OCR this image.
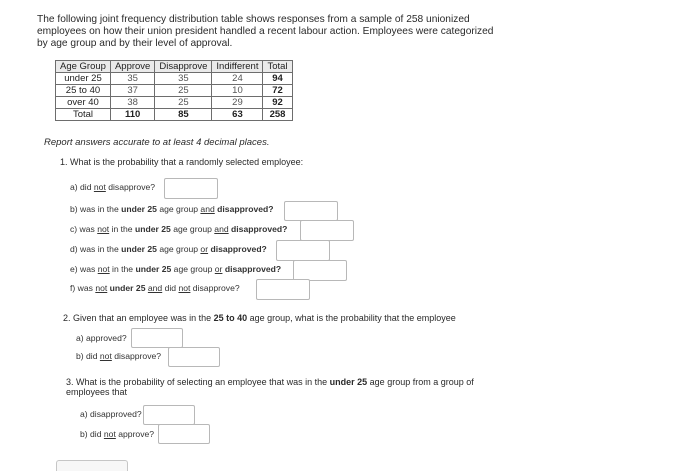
The following joint frequency distribution table shows responses from a sample of 258 unionized employees on how their union president handled a recent labour action. Employees were categorized by age group and by their level of approval.
Age Group	Approve	Disapprove	Indifferent	Total
under 25	35	35	24	94
25 to 40	37	25	10	72
over 40	38	25	29	92
Total	110	85	63	258
Report answers accurate to at least 4 decimal places.
1. What is the probability that a randomly selected employee:
a) did not disapprove?
b) was in the under 25 age group and disapproved?
c) was not in the under 25 age group and disapproved?
d) was in the under 25 age group or disapproved?
e) was not in the under 25 age group or disapproved?
f) was not under 25 and did not disapprove?
2. Given that an employee was in the 25 to 40 age group, what is the probability that the employee
a) approved?
b) did not disapprove?
3. What is the probability of selecting an employee that was in the under 25 age group from a group of employees that
a) disapproved?
b) did not approve?
